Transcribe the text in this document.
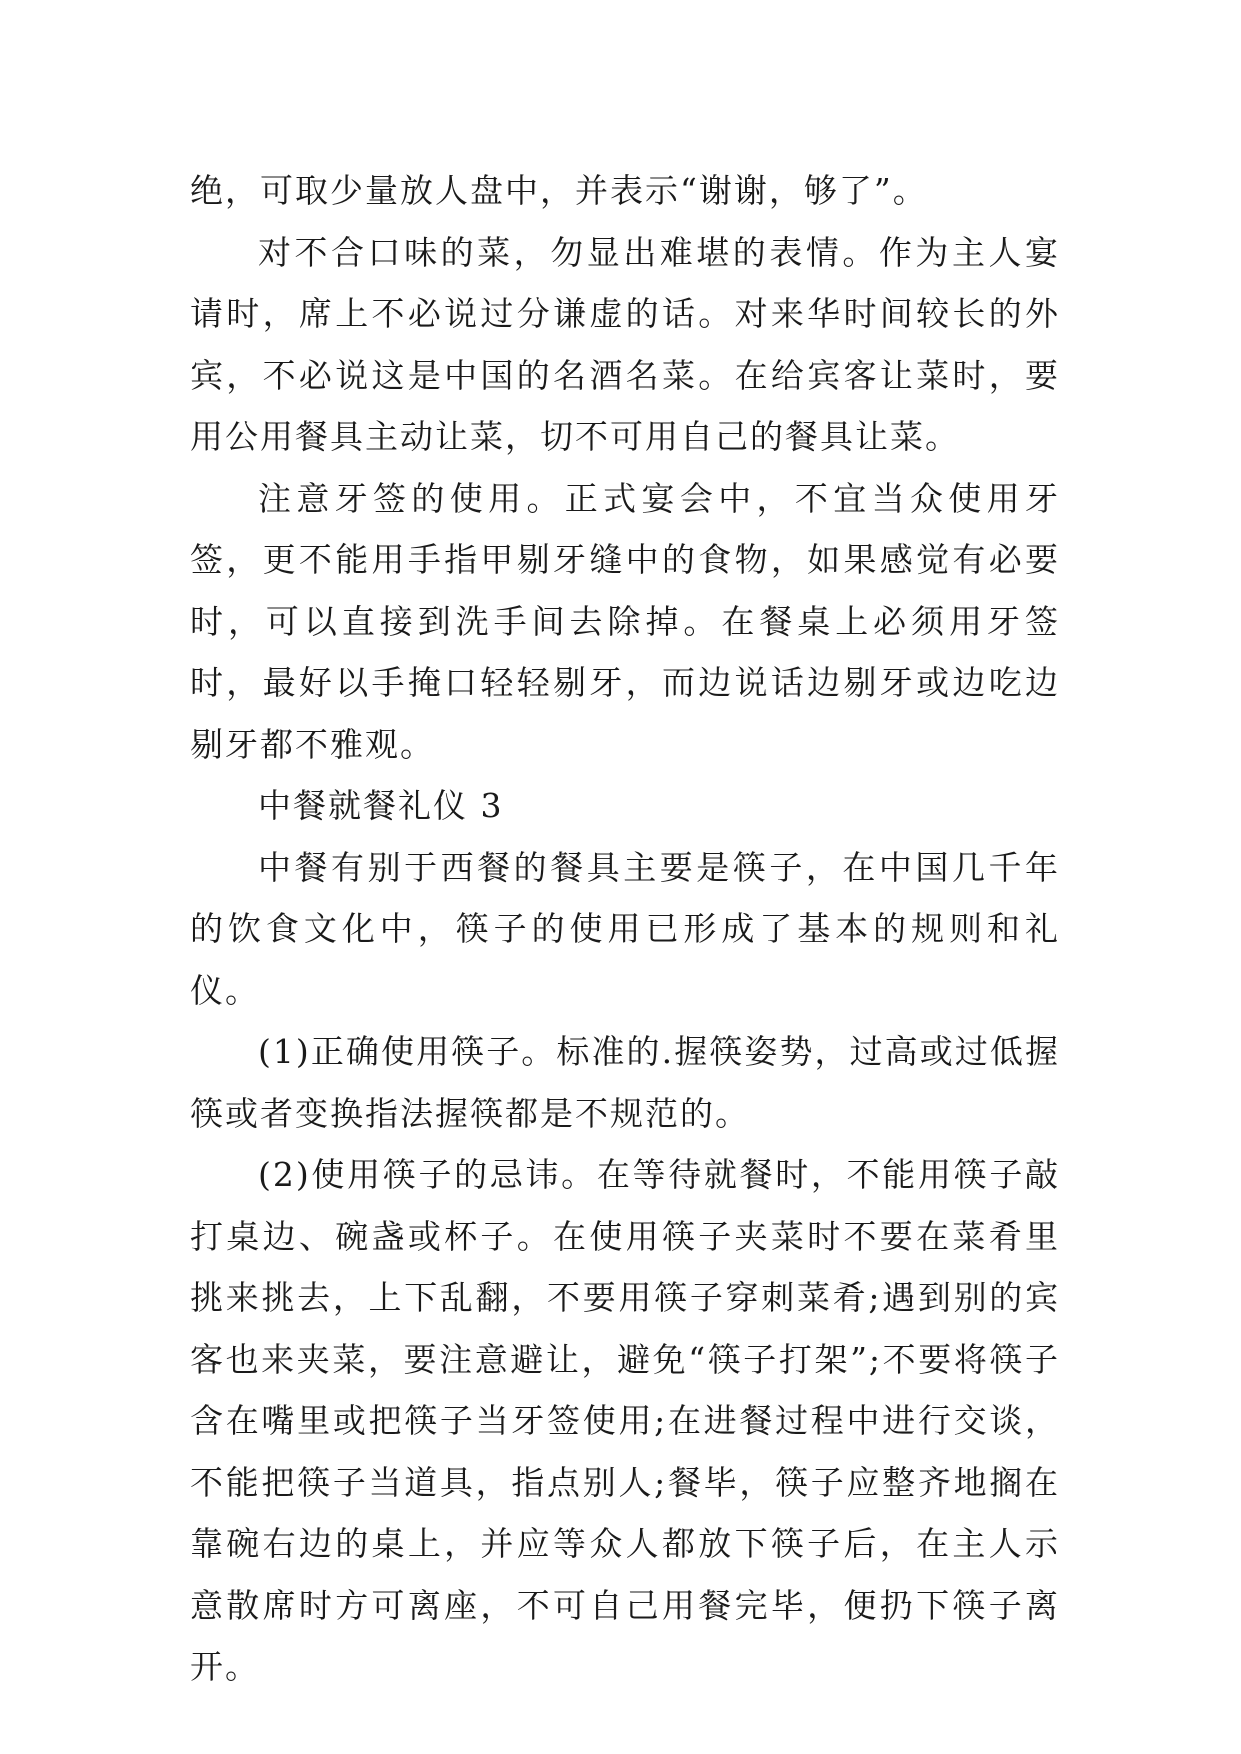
绝，可取少量放人盘中，并表示“谢谢，够了”。

对不合口味的菜，勿显出难堪的表情。作为主人宴请时，席上不必说过分谦虚的话。对来华时间较长的外宾，不必说这是中国的名酒名菜。在给宾客让菜时，要用公用餐具主动让菜，切不可用自己的餐具让菜。

注意牙签的使用。正式宴会中，不宜当众使用牙签，更不能用手指甲剔牙缝中的食物，如果感觉有必要时，可以直接到洗手间去除掉。在餐桌上必须用牙签时，最好以手掩口轻轻剔牙，而边说话边剔牙或边吃边剔牙都不雅观。

中餐就餐礼仪 3

中餐有别于西餐的餐具主要是筷子，在中国几千年的饮食文化中，筷子的使用已形成了基本的规则和礼仪。

(1)正确使用筷子。标准的.握筷姿势，过高或过低握筷或者变换指法握筷都是不规范的。

(2)使用筷子的忌讳。在等待就餐时，不能用筷子敲打桌边、碗盏或杯子。在使用筷子夹菜时不要在菜肴里挑来挑去，上下乱翻，不要用筷子穿刺菜肴;遇到别的宾客也来夹菜，要注意避让，避免“筷子打架”;不要将筷子含在嘴里或把筷子当牙签使用;在进餐过程中进行交谈，不能把筷子当道具，指点别人;餐毕，筷子应整齐地搁在靠碗右边的桌上，并应等众人都放下筷子后，在主人示意散席时方可离座，不可自己用餐完毕，便扔下筷子离开。
